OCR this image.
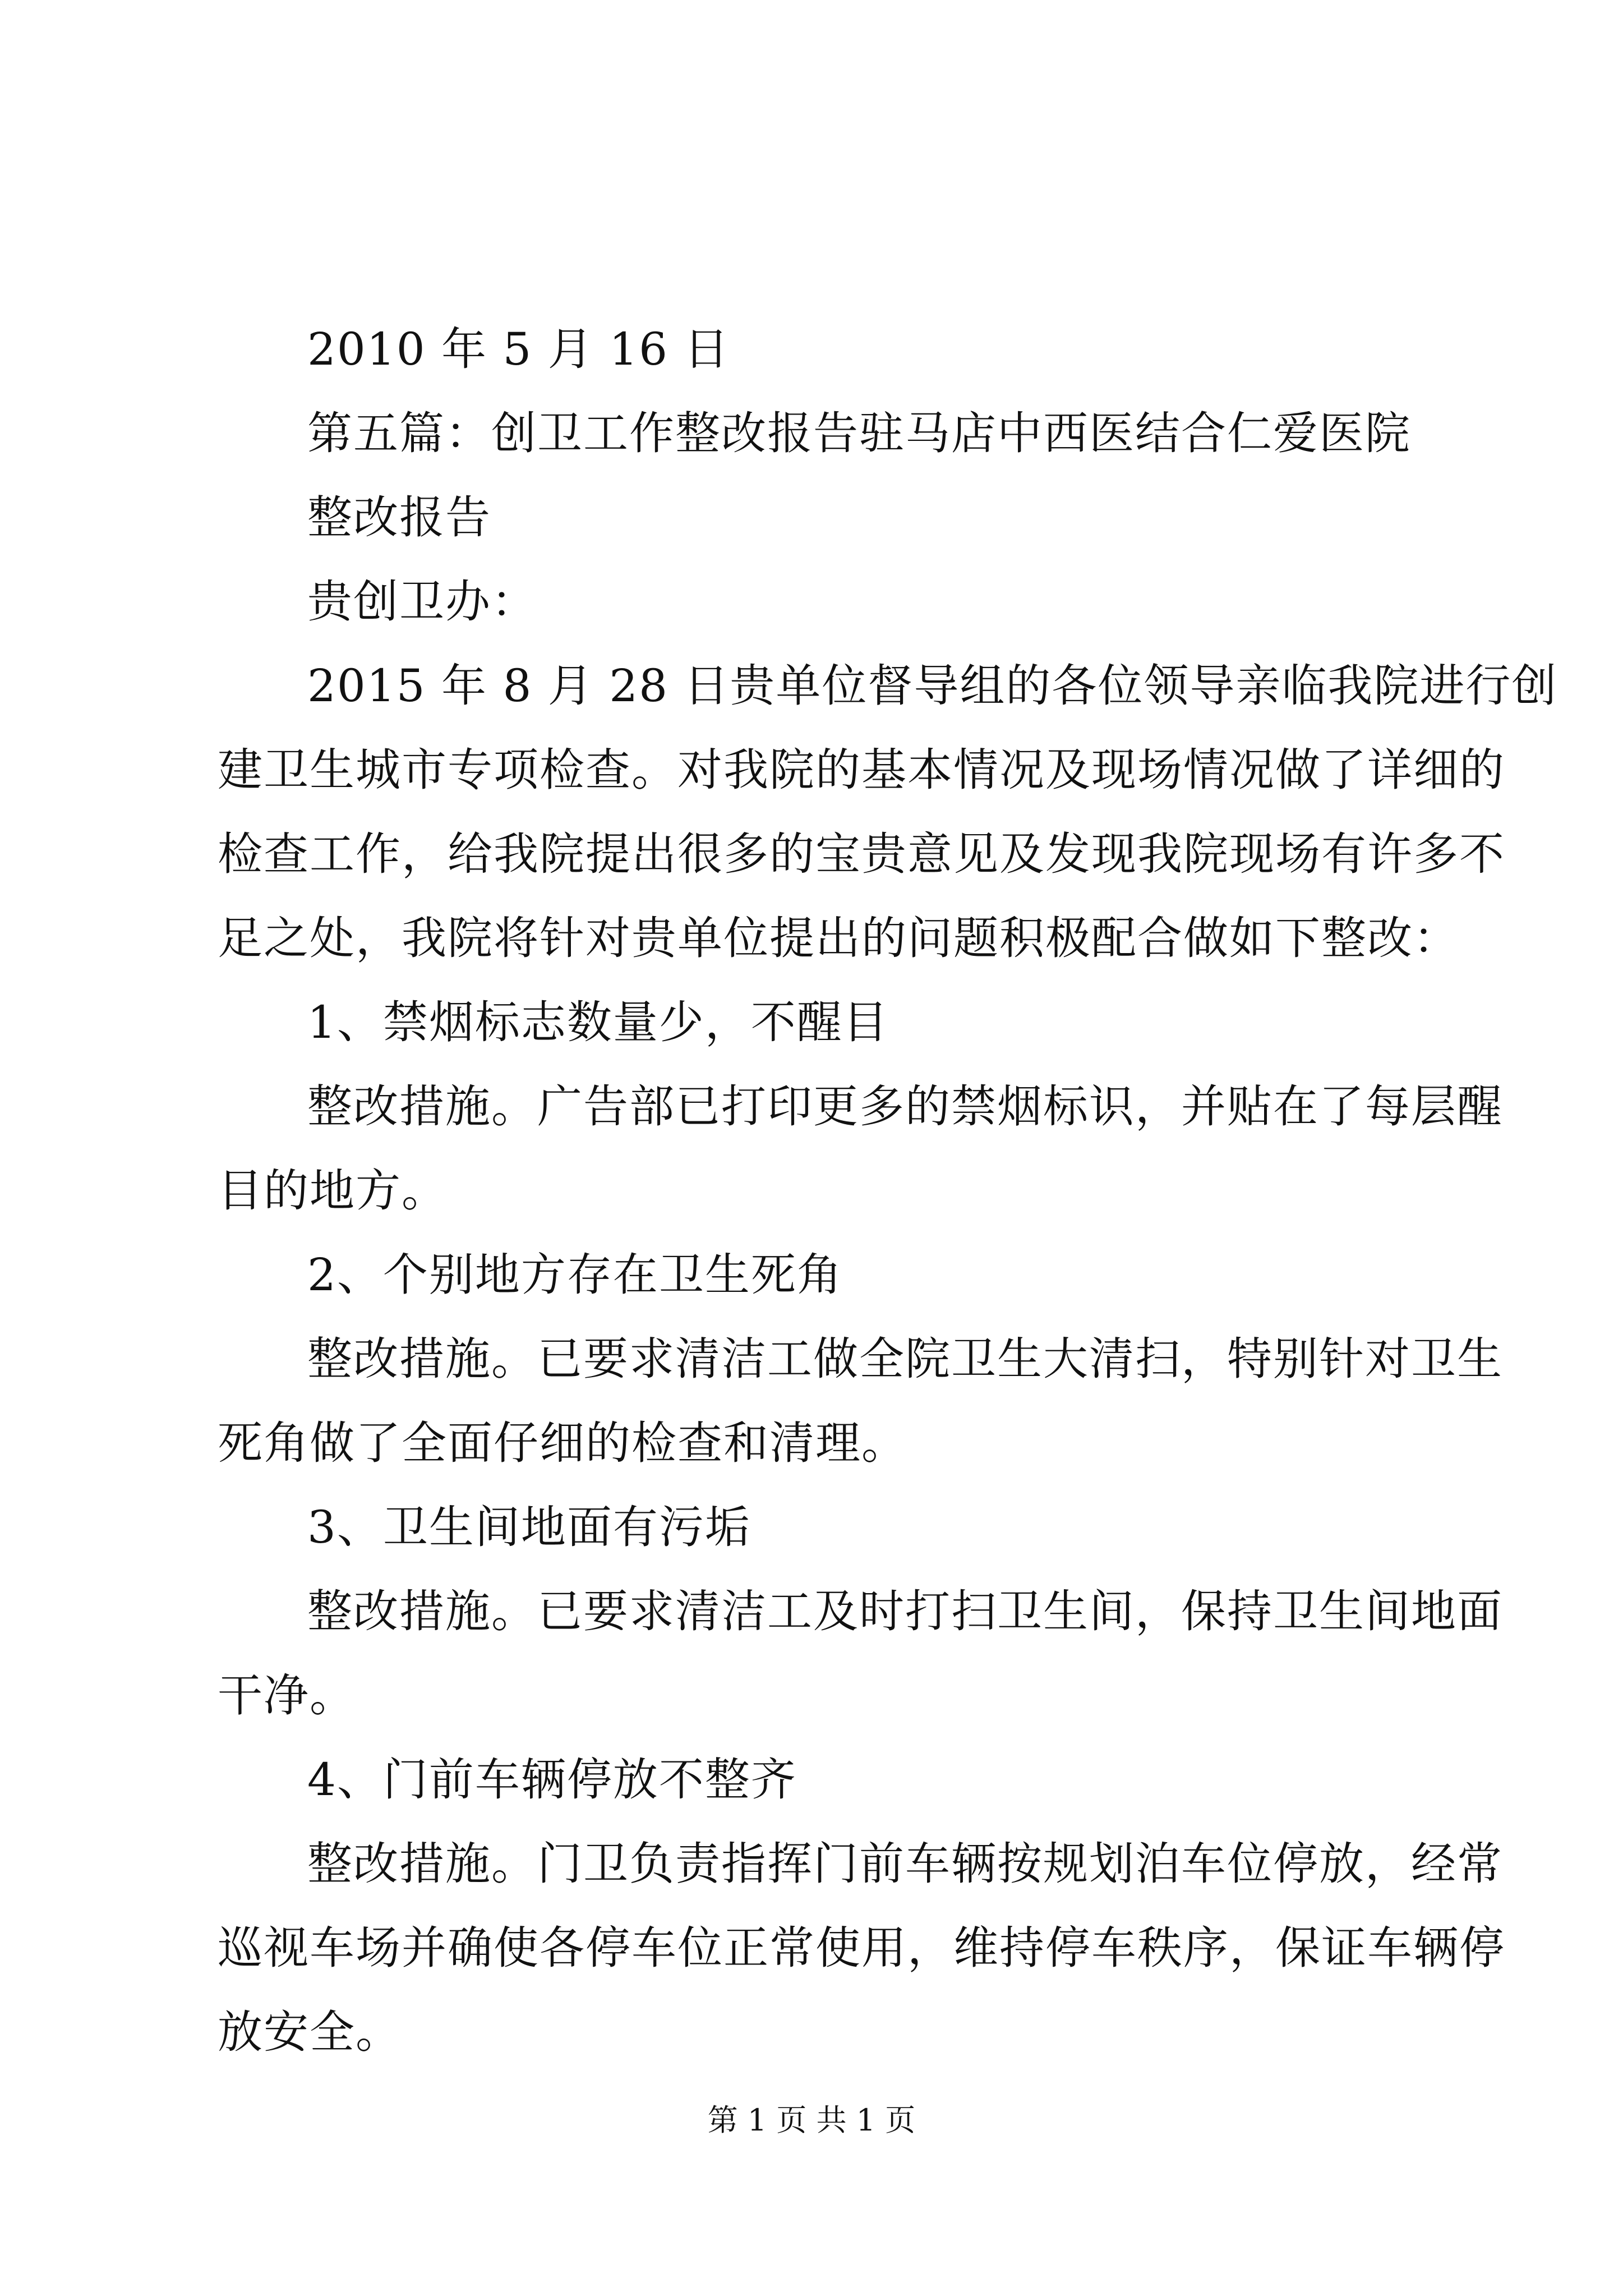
2010 年 5 月 16 日
第五篇：创卫工作整改报告驻马店中西医结合仁爱医院
整改报告
贵创卫办：
2015 年 8 月 28 日贵单位督导组的各位领导亲临我院进行创
建卫生城市专项检查。对我院的基本情况及现场情况做了详细的
检查工作，给我院提出很多的宝贵意见及发现我院现场有许多不
足之处，我院将针对贵单位提出的问题积极配合做如下整改：
1、禁烟标志数量少，不醒目
整改措施。广告部已打印更多的禁烟标识，并贴在了每层醒
目的地方。
2、个别地方存在卫生死角
整改措施。已要求清洁工做全院卫生大清扫，特别针对卫生
死角做了全面仔细的检查和清理。
3、卫生间地面有污垢
整改措施。已要求清洁工及时打扫卫生间，保持卫生间地面
干净。
4、门前车辆停放不整齐
整改措施。门卫负责指挥门前车辆按规划泊车位停放，经常
巡视车场并确使各停车位正常使用，维持停车秩序，保证车辆停
放安全。
第 1 页 共 1 页
